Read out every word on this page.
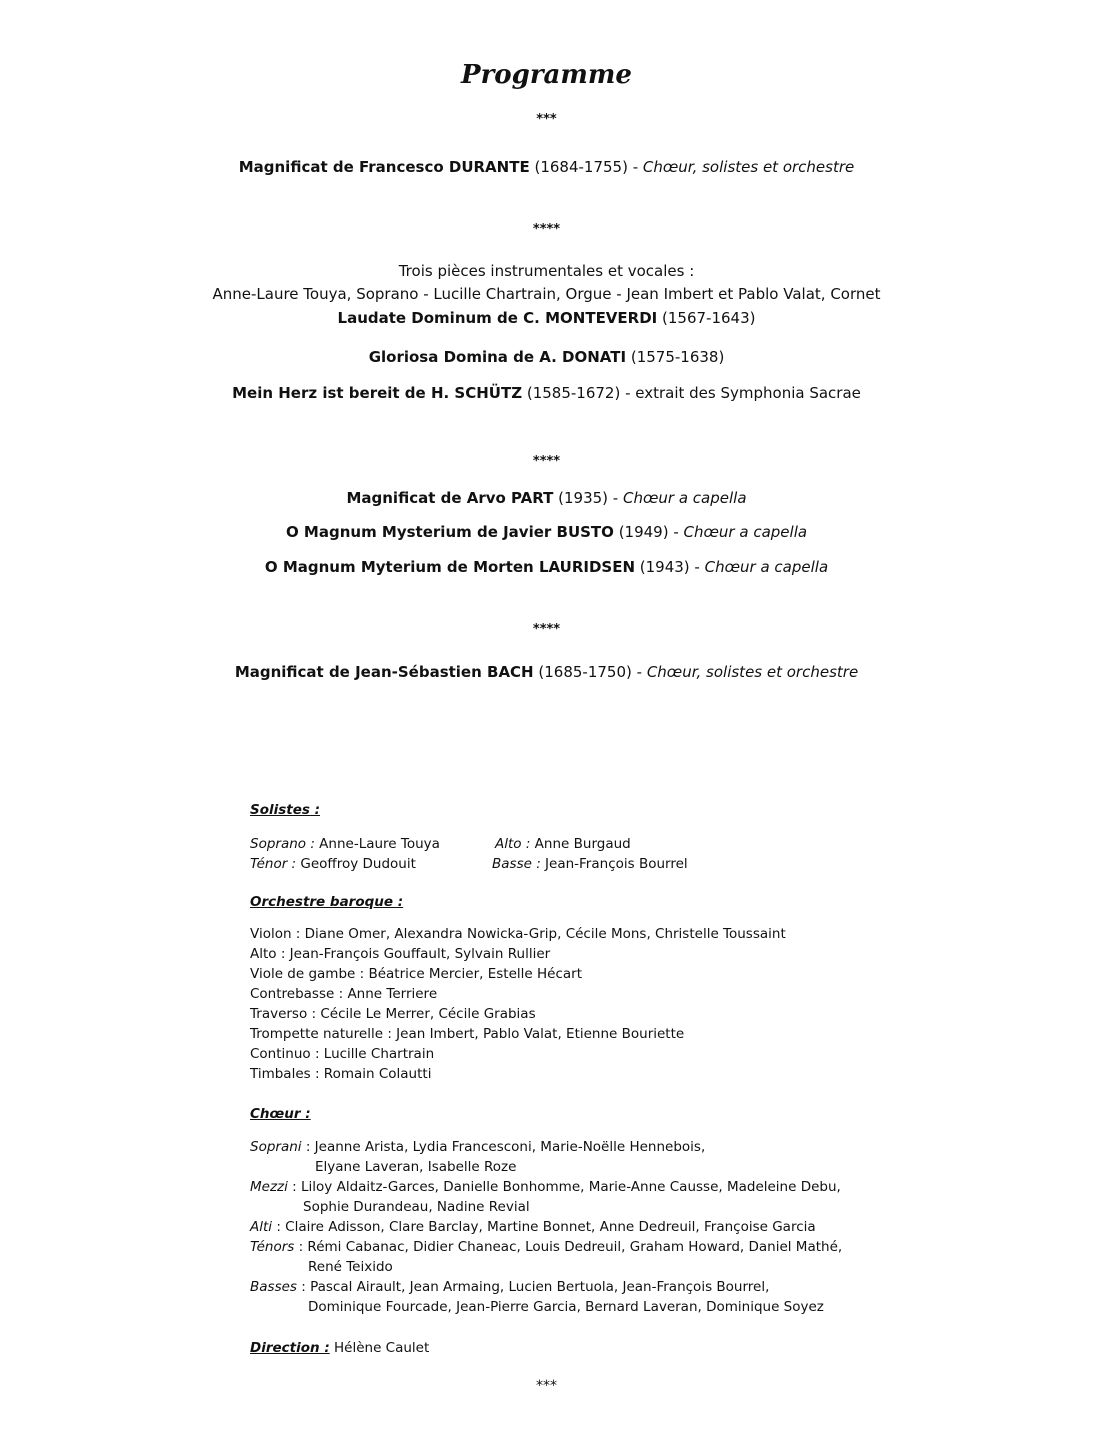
Programme
***
Magnificat de Francesco DURANTE (1684-1755) - Chœur, solistes et orchestre
****
Trois pièces instrumentales et vocales :
Anne-Laure Touya, Soprano - Lucille Chartrain, Orgue - Jean Imbert et Pablo Valat, Cornet
Laudate Dominum de C. MONTEVERDI (1567-1643)
Gloriosa Domina de A. DONATI (1575-1638)
Mein Herz ist bereit de H. SCHÜTZ (1585-1672) - extrait des Symphonia Sacrae
****
Magnificat de Arvo PART (1935) - Chœur a capella
O Magnum Mysterium de Javier BUSTO (1949) - Chœur a capella
O Magnum Myterium de Morten LAURIDSEN (1943) - Chœur a capella
****
Magnificat de Jean-Sébastien BACH (1685-1750) - Chœur, solistes et orchestre
Solistes :
Soprano : Anne-Laure Touya	Alto : Anne Burgaud
Ténor : Geoffroy Dudouit	Basse : Jean-François Bourrel
Orchestre baroque :
Violon : Diane Omer, Alexandra Nowicka-Grip, Cécile Mons, Christelle Toussaint
Alto : Jean-François Gouffault, Sylvain Rullier
Viole de gambe : Béatrice Mercier, Estelle Hécart
Contrebasse : Anne Terriere
Traverso : Cécile Le Merrer, Cécile Grabias
Trompette naturelle : Jean Imbert, Pablo Valat, Etienne Bouriette
Continuo : Lucille Chartrain
Timbales : Romain Colautti
Chœur :
Soprani : Jeanne Arista, Lydia Francesconi, Marie-Noëlle Hennebois,
Elyane Laveran, Isabelle Roze
Mezzi : Liloy Aldaitz-Garces, Danielle Bonhomme, Marie-Anne Causse, Madeleine Debu,
Sophie Durandeau, Nadine Revial
Alti : Claire Adisson, Clare Barclay, Martine Bonnet, Anne Dedreuil, Françoise Garcia
Ténors : Rémi Cabanac, Didier Chaneac, Louis Dedreuil, Graham Howard, Daniel Mathé,
René Teixido
Basses : Pascal Airault, Jean Armaing, Lucien Bertuola, Jean-François Bourrel,
Dominique Fourcade, Jean-Pierre Garcia, Bernard Laveran, Dominique Soyez
Direction : Hélène Caulet
***
